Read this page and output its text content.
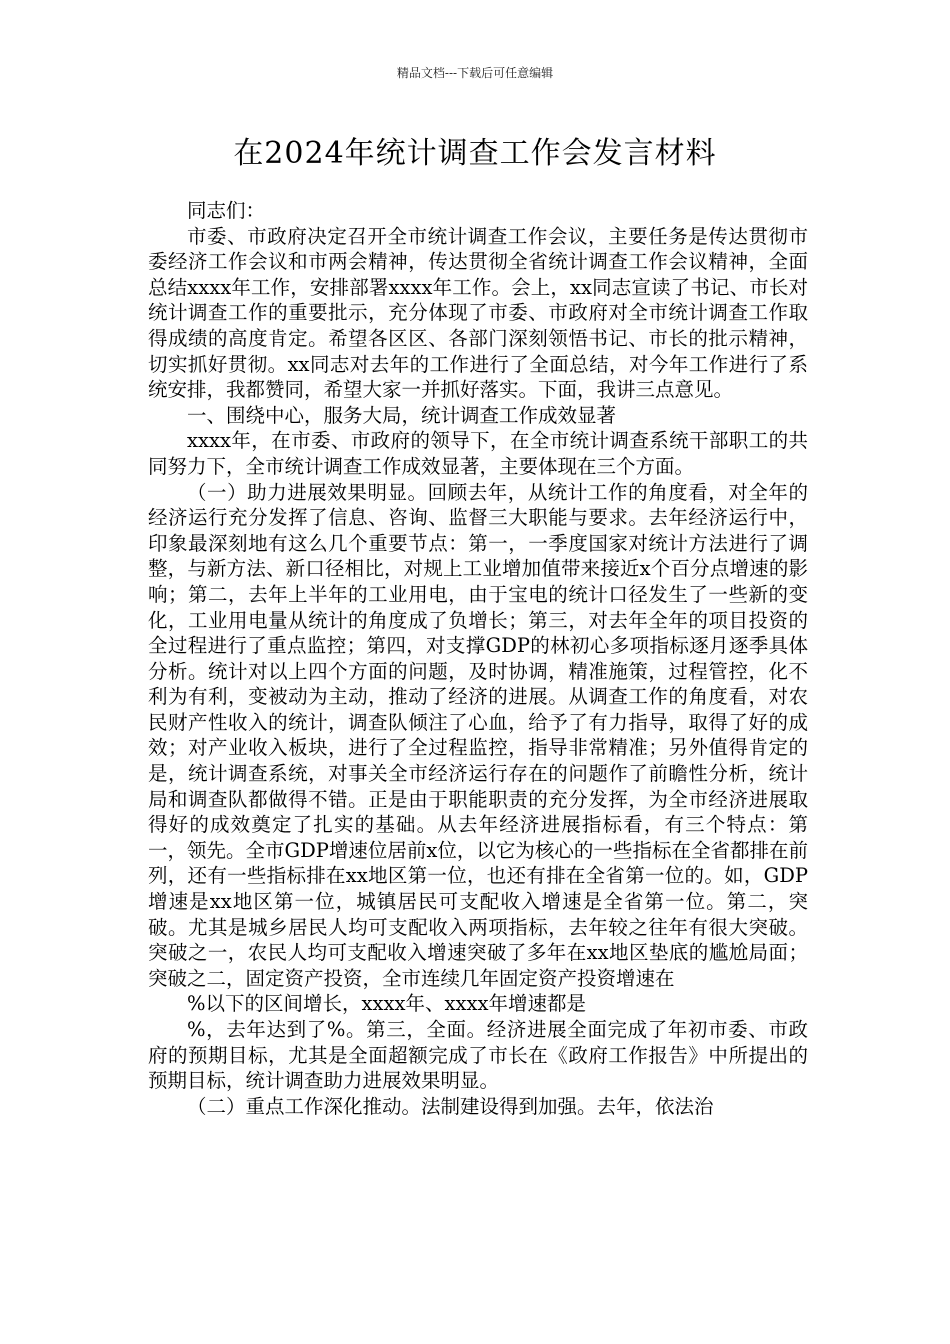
精品文档---下载后可任意编辑
在2024年统计调查工作会发言材料

同志们：

市委、市政府决定召开全市统计调查工作会议，主要任务是传达贯彻市委经济工作会议和市两会精神，传达贯彻全省统计调查工作会议精神，全面总结xxxx年工作，安排部署xxxx年工作。会上，xx同志宣读了书记、市长对统计调查工作的重要批示，充分体现了市委、市政府对全市统计调查工作取得成绩的高度肯定。希望各区区、各部门深刻领悟书记、市长的批示精神，切实抓好贯彻。xx同志对去年的工作进行了全面总结，对今年工作进行了系统安排，我都赞同，希望大家一并抓好落实。下面，我讲三点意见。

一、围绕中心，服务大局，统计调查工作成效显著

xxxx年，在市委、市政府的领导下，在全市统计调查系统干部职工的共同努力下，全市统计调查工作成效显著，主要体现在三个方面。

（一）助力进展效果明显。回顾去年，从统计工作的角度看，对全年的经济运行充分发挥了信息、咨询、监督三大职能与要求。去年经济运行中，印象最深刻地有这么几个重要节点：第一，一季度国家对统计方法进行了调整，与新方法、新口径相比，对规上工业增加值带来接近x个百分点增速的影响；第二，去年上半年的工业用电，由于宝电的统计口径发生了一些新的变化，工业用电量从统计的角度成了负增长；第三，对去年全年的项目投资的全过程进行了重点监控；第四，对支撑GDP的林初心多项指标逐月逐季具体分析。统计对以上四个方面的问题，及时协调，精准施策，过程管控，化不利为有利，变被动为主动，推动了经济的进展。从调查工作的角度看，对农民财产性收入的统计，调查队倾注了心血，给予了有力指导，取得了好的成效；对产业收入板块，进行了全过程监控，指导非常精准；另外值得肯定的是，统计调查系统，对事关全市经济运行存在的问题作了前瞻性分析，统计局和调查队都做得不错。正是由于职能职责的充分发挥，为全市经济进展取得好的成效奠定了扎实的基础。从去年经济进展指标看，有三个特点：第一，领先。全市GDP增速位居前x位，以它为核心的一些指标在全省都排在前列，还有一些指标排在xx地区第一位，也还有排在全省第一位的。如，GDP增速是xx地区第一位，城镇居民可支配收入增速是全省第一位。第二，突破。尤其是城乡居民人均可支配收入两项指标，去年较之往年有很大突破。突破之一，农民人均可支配收入增速突破了多年在xx地区垫底的尴尬局面；突破之二，固定资产投资，全市连续几年固定资产投资增速在

%以下的区间增长，xxxx年、xxxx年增速都是

%，去年达到了%。第三，全面。经济进展全面完成了年初市委、市政府的预期目标，尤其是全面超额完成了市长在《政府工作报告》中所提出的预期目标，统计调查助力进展效果明显。

（二）重点工作深化推动。法制建设得到加强。去年，依法治
